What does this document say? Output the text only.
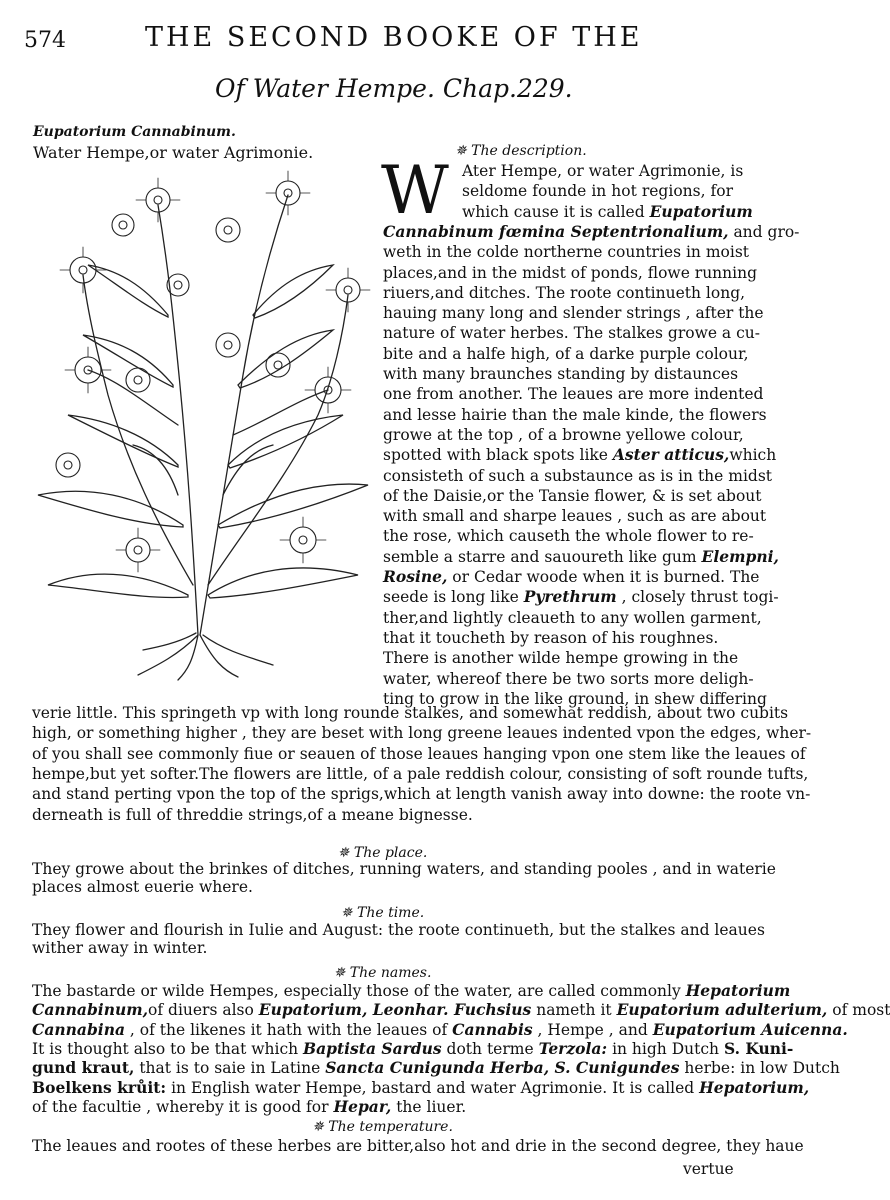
574	THE SECOND BOOKE OF THE
Of Water Hempe. Chap.229.
Eupatorium Cannabinum.
Water Hempe,or water Agrimonie.	✵ The description.
W Ater Hempe, or water Agrimonie, is
seldome founde in hot regions, for
which cause it is called Eupatorium
Cannabinum fœmina Septentrionalium, and gro-
weth in the colde northerne countries in moist
places,and in the midst of ponds, flowe running
riuers,and ditches. The roote continueth long,
hauing many long and slender strings , after the
nature of water herbes. The stalkes growe a cu-
bite and a halfe high, of a darke purple colour,
with many braunches standing by distaunces
one from another. The leaues are more indented
and lesse hairie than the male kinde, the flowers
growe at the top , of a browne yellowe colour,
spotted with black spots like Aster atticus,which
consisteth of such a substaunce as is in the midst
of the Daisie,or the Tansie flower, & is set about
with small and sharpe leaues , such as are about
the rose, which causeth the whole flower to re-
semble a starre and sauoureth like gum Elempni,
Rosine, or Cedar woode when it is burned. The
seede is long like Pyrethrum , closely thrust togi-
ther,and lightly cleaueth to any wollen garment,
that it toucheth by reason of his roughnes.
There is another wilde hempe growing in the
water, whereof there be two sorts more deligh-
ting to grow in the like ground, in shew differing
verie little. This springeth vp with long rounde stalkes, and somewhat reddish, about two cubits
high, or something higher , they are beset with long greene leaues indented vpon the edges, wher-
of you shall see commonly fiue or seauen of those leaues hanging vpon one stem like the leaues of
hempe,but yet softer.The flowers are little, of a pale reddish colour, consisting of soft rounde tufts,
and stand perting vpon the top of the sprigs,which at length vanish away into downe: the roote vn-
derneath is full of threddie strings,of a meane bignesse.
✵ The place.
They growe about the brinkes of ditches, running waters, and standing pooles , and in waterie
places almost euerie where.
✵ The time.
They flower and flourish in Iulie and August: the roote continueth, but the stalkes and leaues
wither away in winter.
✵ The names.
The bastarde or wilde Hempes, especially those of the water, are called commonly Hepatorium
Cannabinum,of diuers also Eupatorium, Leonhar. Fuchsius nameth it Eupatorium adulterium, of most
Cannabina , of the likenes it hath with the leaues of Cannabis , Hempe , and Eupatorium Auicenna.
It is thought also to be that which Baptista Sardus doth terme Terzola: in high Dutch S. Kuni-
gund kraut, that is to saie in Latine Sancta Cunigunda Herba, S. Cunigundes herbe: in low Dutch
Boelkens krůit: in English water Hempe, bastard and water Agrimonie. It is called Hepatorium,
of the facultie , whereby it is good for Hepar, the liuer.
✵ The temperature.
The leaues and rootes of these herbes are bitter,also hot and drie in the second degree, they haue
vertue
